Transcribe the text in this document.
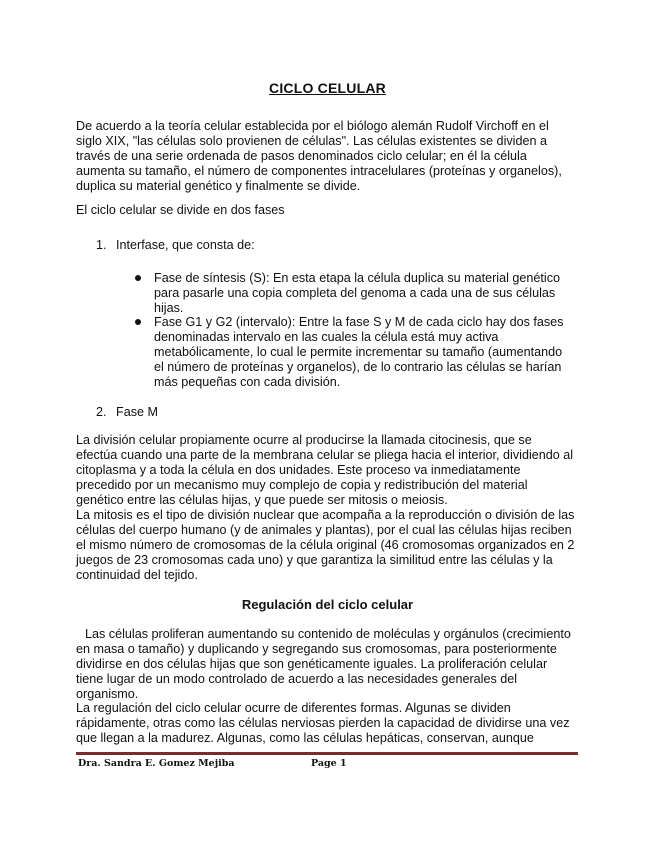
CICLO CELULAR

De acuerdo a la teoría celular establecida por el biólogo alemán Rudolf Virchoff en el siglo XIX, "las células solo provienen de células". Las células existentes se dividen a través de una serie ordenada de pasos denominados ciclo celular; en él la célula aumenta su tamaño, el número de componentes intracelulares (proteínas y organelos), duplica su material genético y finalmente se divide.

El ciclo celular se divide en dos fases

1. Interfase, que consta de:
Fase de síntesis (S): En esta etapa la célula duplica su material genético para pasarle una copia completa del genoma a cada una de sus células hijas.
Fase G1 y G2 (intervalo): Entre la fase S y M de cada ciclo hay dos fases denominadas intervalo en las cuales la célula está muy activa metabólicamente, lo cual le permite incrementar su tamaño (aumentando el número de proteínas y organelos), de lo contrario las células se harían más pequeñas con cada división.
2. Fase M

La división celular propiamente ocurre al producirse la llamada citocinesis, que se efectúa cuando una parte de la membrana celular se pliega hacia el interior, dividiendo al citoplasma y a toda la célula en dos unidades. Este proceso va inmediatamente precedido por un mecanismo muy complejo de copia y redistribución del material genético entre las células hijas, y que puede ser mitosis o meiosis.

La mitosis es el tipo de división nuclear que acompaña a la reproducción o división de las células del cuerpo humano (y de animales y plantas), por el cual las células hijas reciben el mismo número de cromosomas de la célula original (46 cromosomas organizados en 2 juegos de 23 cromosomas cada uno) y que garantiza la similitud entre las células y la continuidad del tejido.

Regulación del ciclo celular

Las células proliferan aumentando su contenido de moléculas y orgánulos (crecimiento en masa o tamaño) y duplicando y segregando sus cromosomas, para posteriormente dividirse en dos células hijas que son genéticamente iguales. La proliferación celular tiene lugar de un modo controlado de acuerdo a las necesidades generales del organismo.

La regulación del ciclo celular ocurre de diferentes formas. Algunas se dividen rápidamente, otras como las células nerviosas pierden la capacidad de dividirse una vez que llegan a la madurez. Algunas, como las células hepáticas, conservan, aunque

Dra. Sandra E. Gomez Mejiba	Page 1
